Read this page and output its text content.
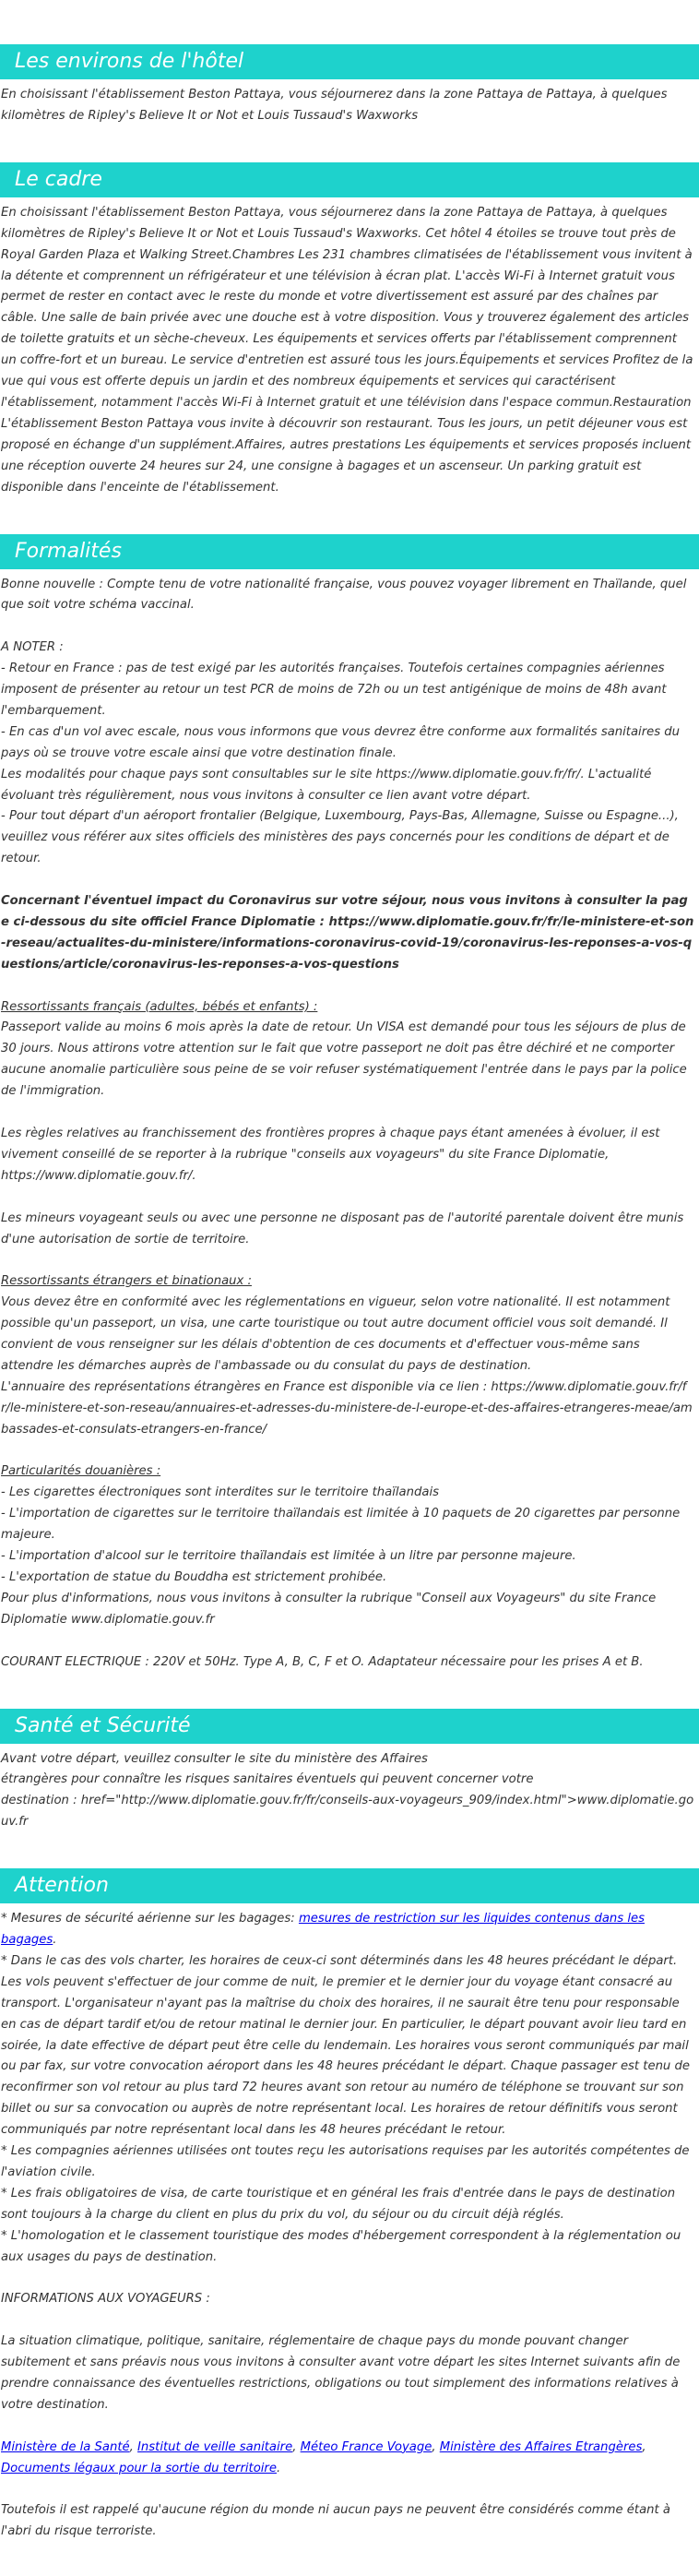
Les environs de l'hôtel

En choisissant l'établissement Beston Pattaya, vous séjournerez dans la zone Pattaya de Pattaya, à quelques kilomètres de Ripley's Believe It or Not et Louis Tussaud's Waxworks

Le cadre

En choisissant l'établissement Beston Pattaya, vous séjournerez dans la zone Pattaya de Pattaya, à quelques kilomètres de Ripley's Believe It or Not et Louis Tussaud's Waxworks. Cet hôtel 4 étoiles se trouve tout près de Royal Garden Plaza et Walking Street.Chambres Les 231 chambres climatisées de l'établissement vous invitent à la détente et comprennent un réfrigérateur et une télévision à écran plat. L'accès Wi-Fi à Internet gratuit vous permet de rester en contact avec le reste du monde et votre divertissement est assuré par des chaînes par câble. Une salle de bain privée avec une douche est à votre disposition. Vous y trouverez également des articles de toilette gratuits et un sèche-cheveux. Les équipements et services offerts par l'établissement comprennent un coffre-fort et un bureau. Le service d'entretien est assuré tous les jours.Équipements et services Profitez de la vue qui vous est offerte depuis un jardin et des nombreux équipements et services qui caractérisent l'établissement, notamment l'accès Wi-Fi à Internet gratuit et une télévision dans l'espace commun.Restauration L'établissement Beston Pattaya vous invite à découvrir son restaurant. Tous les jours, un petit déjeuner vous est proposé en échange d'un supplément.Affaires, autres prestations Les équipements et services proposés incluent une réception ouverte 24 heures sur 24, une consigne à bagages et un ascenseur. Un parking gratuit est disponible dans l'enceinte de l'établissement.

Formalités

Bonne nouvelle : Compte tenu de votre nationalité française, vous pouvez voyager librement en Thaïlande, quel que soit votre schéma vaccinal.

A NOTER :

- Retour en France : pas de test exigé par les autorités françaises. Toutefois certaines compagnies aériennes imposent de présenter au retour un test PCR de moins de 72h ou un test antigénique de moins de 48h avant l'embarquement.

- En cas d'un vol avec escale, nous vous informons que vous devrez être conforme aux formalités sanitaires du pays où se trouve votre escale ainsi que votre destination finale.

Les modalités pour chaque pays sont consultables sur le site https://www.diplomatie.gouv.fr/fr/. L'actualité évoluant très régulièrement, nous vous invitons à consulter ce lien avant votre départ.

- Pour tout départ d'un aéroport frontalier (Belgique, Luxembourg, Pays-Bas, Allemagne, Suisse ou Espagne...), veuillez vous référer aux sites officiels des ministères des pays concernés pour les conditions de départ et de retour.

Concernant l'éventuel impact du Coronavirus sur votre séjour, nous vous invitons à consulter la page ci-dessous du site officiel France Diplomatie : https://www.diplomatie.gouv.fr/fr/le-ministere-et-son-reseau/actualites-du-ministere/informations-coronavirus-covid-19/coronavirus-les-reponses-a-vos-questions/article/coronavirus-les-reponses-a-vos-questions

Ressortissants français (adultes, bébés et enfants) :

Passeport valide au moins 6 mois après la date de retour. Un VISA est demandé pour tous les séjours de plus de 30 jours. Nous attirons votre attention sur le fait que votre passeport ne doit pas être déchiré et ne comporter aucune anomalie particulière sous peine de se voir refuser systématiquement l'entrée dans le pays par la police de l'immigration.

Les règles relatives au franchissement des frontières propres à chaque pays étant amenées à évoluer, il est vivement conseillé de se reporter à la rubrique "conseils aux voyageurs" du site France Diplomatie, https://www.diplomatie.gouv.fr/.

Les mineurs voyageant seuls ou avec une personne ne disposant pas de l'autorité parentale doivent être munis d'une autorisation de sortie de territoire.

Ressortissants étrangers et binationaux :

Vous devez être en conformité avec les réglementations en vigueur, selon votre nationalité. Il est notamment possible qu'un passeport, un visa, une carte touristique ou tout autre document officiel vous soit demandé. Il convient de vous renseigner sur les délais d'obtention de ces documents et d'effectuer vous-même sans attendre les démarches auprès de l'ambassade ou du consulat du pays de destination.

L'annuaire des représentations étrangères en France est disponible via ce lien : https://www.diplomatie.gouv.fr/fr/le-ministere-et-son-reseau/annuaires-et-adresses-du-ministere-de-l-europe-et-des-affaires-etrangeres-meae/ambassades-et-consulats-etrangers-en-france/

Particularités douanières :

- Les cigarettes électroniques sont interdites sur le territoire thaïlandais

- L'importation de cigarettes sur le territoire thaïlandais est limitée à 10 paquets de 20 cigarettes par personne majeure.

- L'importation d'alcool sur le territoire thaïlandais est limitée à un litre par personne majeure.

- L'exportation de statue du Bouddha est strictement prohibée.

Pour plus d'informations, nous vous invitons à consulter la rubrique "Conseil aux Voyageurs" du site France Diplomatie www.diplomatie.gouv.fr

COURANT ELECTRIQUE : 220V et 50Hz. Type A, B, C, F et O. Adaptateur nécessaire pour les prises A et B.

Santé et Sécurité

Avant votre départ, veuillez consulter le site du ministère des Affaires

étrangères pour connaître les risques sanitaires éventuels qui peuvent concerner votre

destination : href="http://www.diplomatie.gouv.fr/fr/conseils-aux-voyageurs_909/index.html">www.diplomatie.gouv.fr

Attention

* Mesures de sécurité aérienne sur les bagages: mesures de restriction sur les liquides contenus dans les bagages.

* Dans le cas des vols charter, les horaires de ceux-ci sont déterminés dans les 48 heures précédant le départ. Les vols peuvent s'effectuer de jour comme de nuit, le premier et le dernier jour du voyage étant consacré au transport. L'organisateur n'ayant pas la maîtrise du choix des horaires, il ne saurait être tenu pour responsable en cas de départ tardif et/ou de retour matinal le dernier jour. En particulier, le départ pouvant avoir lieu tard en soirée, la date effective de départ peut être celle du lendemain. Les horaires vous seront communiqués par mail ou par fax, sur votre convocation aéroport dans les 48 heures précédant le départ. Chaque passager est tenu de reconfirmer son vol retour au plus tard 72 heures avant son retour au numéro de téléphone se trouvant sur son billet ou sur sa convocation ou auprès de notre représentant local. Les horaires de retour définitifs vous seront communiqués par notre représentant local dans les 48 heures précédant le retour.

* Les compagnies aériennes utilisées ont toutes reçu les autorisations requises par les autorités compétentes de l'aviation civile.

* Les frais obligatoires de visa, de carte touristique et en général les frais d'entrée dans le pays de destination sont toujours à la charge du client en plus du prix du vol, du séjour ou du circuit déjà réglés.

* L'homologation et le classement touristique des modes d'hébergement correspondent à la réglementation ou aux usages du pays de destination.

INFORMATIONS AUX VOYAGEURS :

La situation climatique, politique, sanitaire, réglementaire de chaque pays du monde pouvant changer subitement et sans préavis nous vous invitons à consulter avant votre départ les sites Internet suivants afin de prendre connaissance des éventuelles restrictions, obligations ou tout simplement des informations relatives à votre destination.

Ministère de la Santé, Institut de veille sanitaire, Méteo France Voyage, Ministère des Affaires Etrangères, Documents légaux pour la sortie du territoire.

Toutefois il est rappelé qu'aucune région du monde ni aucun pays ne peuvent être considérés comme étant à l'abri du risque terroriste.
